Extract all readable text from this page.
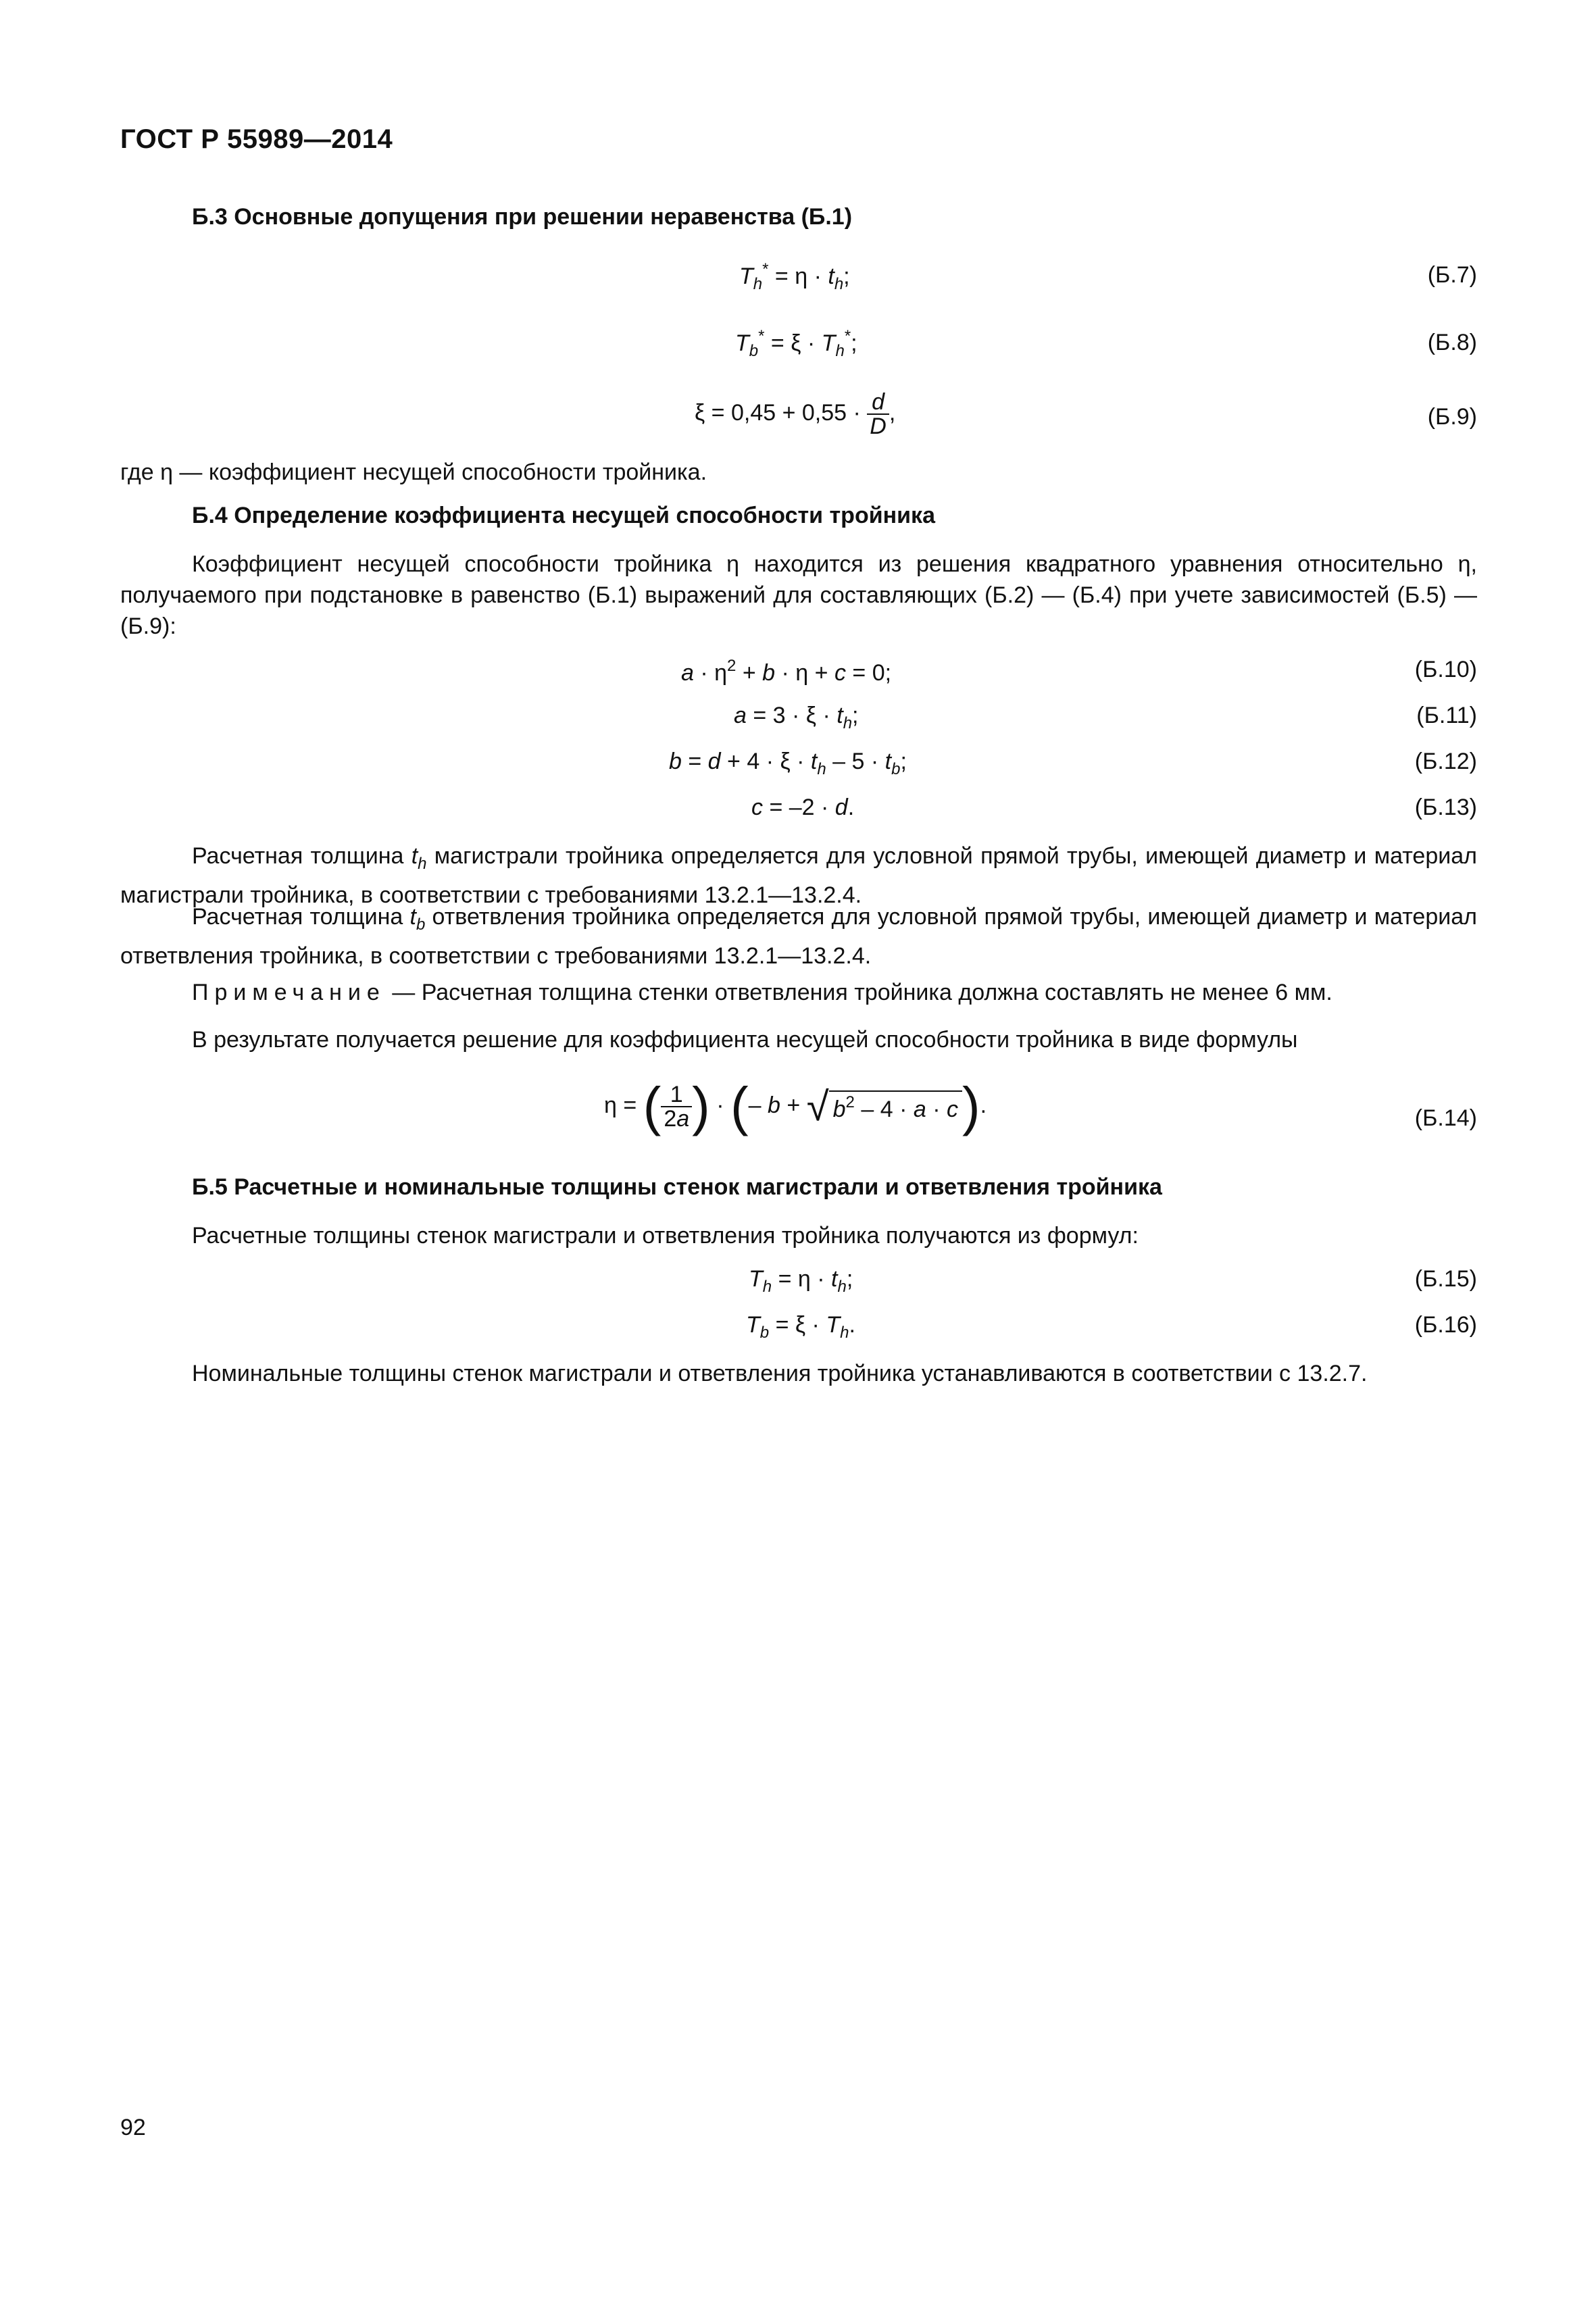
ГОСТ Р 55989—2014
Б.3 Основные допущения при решении неравенства (Б.1)
$T_h^* = \eta \cdot t_h$;	(Б.7)
$T_b^* = \xi \cdot T_h^*$;	(Б.8)
$\xi = 0,45 + 0,55 \cdot \frac{d}{D}$ ,	(Б.9)
где η — коэффициент несущей способности тройника.
Б.4 Определение коэффициента несущей способности тройника
Коэффициент несущей способности тройника η находится из решения квадратного уравнения относительно η, получаемого при подстановке в равенство (Б.1) выражений для составляющих (Б.2) — (Б.4) при учете зависимостей (Б.5) — (Б.9):
$a \cdot \eta^2 + b \cdot \eta + c = 0$;	(Б.10)
$a = 3 \cdot \xi \cdot t_h$;	(Б.11)
$b = d + 4 \cdot \xi \cdot t_h - 5 \cdot t_b$;	(Б.12)
c = –2 · d.	(Б.13)
Расчетная толщина $t_h$ магистрали тройника определяется для условной прямой трубы, имеющей диаметр и материал магистрали тройника, в соответствии с требованиями 13.2.1—13.2.4.
Расчетная толщина $t_b$ ответвления тройника определяется для условной прямой трубы, имеющей диаметр и материал ответвления тройника, в соответствии с требованиями 13.2.1—13.2.4.
Примечание — Расчетная толщина стенки ответвления тройника должна составлять не менее 6 мм.
В результате получается решение для коэффициента несущей способности тройника в виде формулы
η = ( $\frac{1}{2a}$ ) · (– b + √ $b^2 - 4 \cdot a \cdot c$).
(Б.14)
Б.5 Расчетные и номинальные толщины стенок магистрали и ответвления тройника
Расчетные толщины стенок магистрали и ответвления тройника получаются из формул:
$T_h = \eta \cdot t_h$;	(Б.15)
$T_b = \xi \cdot T_h$.	(Б.16)
Номинальные толщины стенок магистрали и ответвления тройника устанавливаются в соответствии с 13.2.7.
92
